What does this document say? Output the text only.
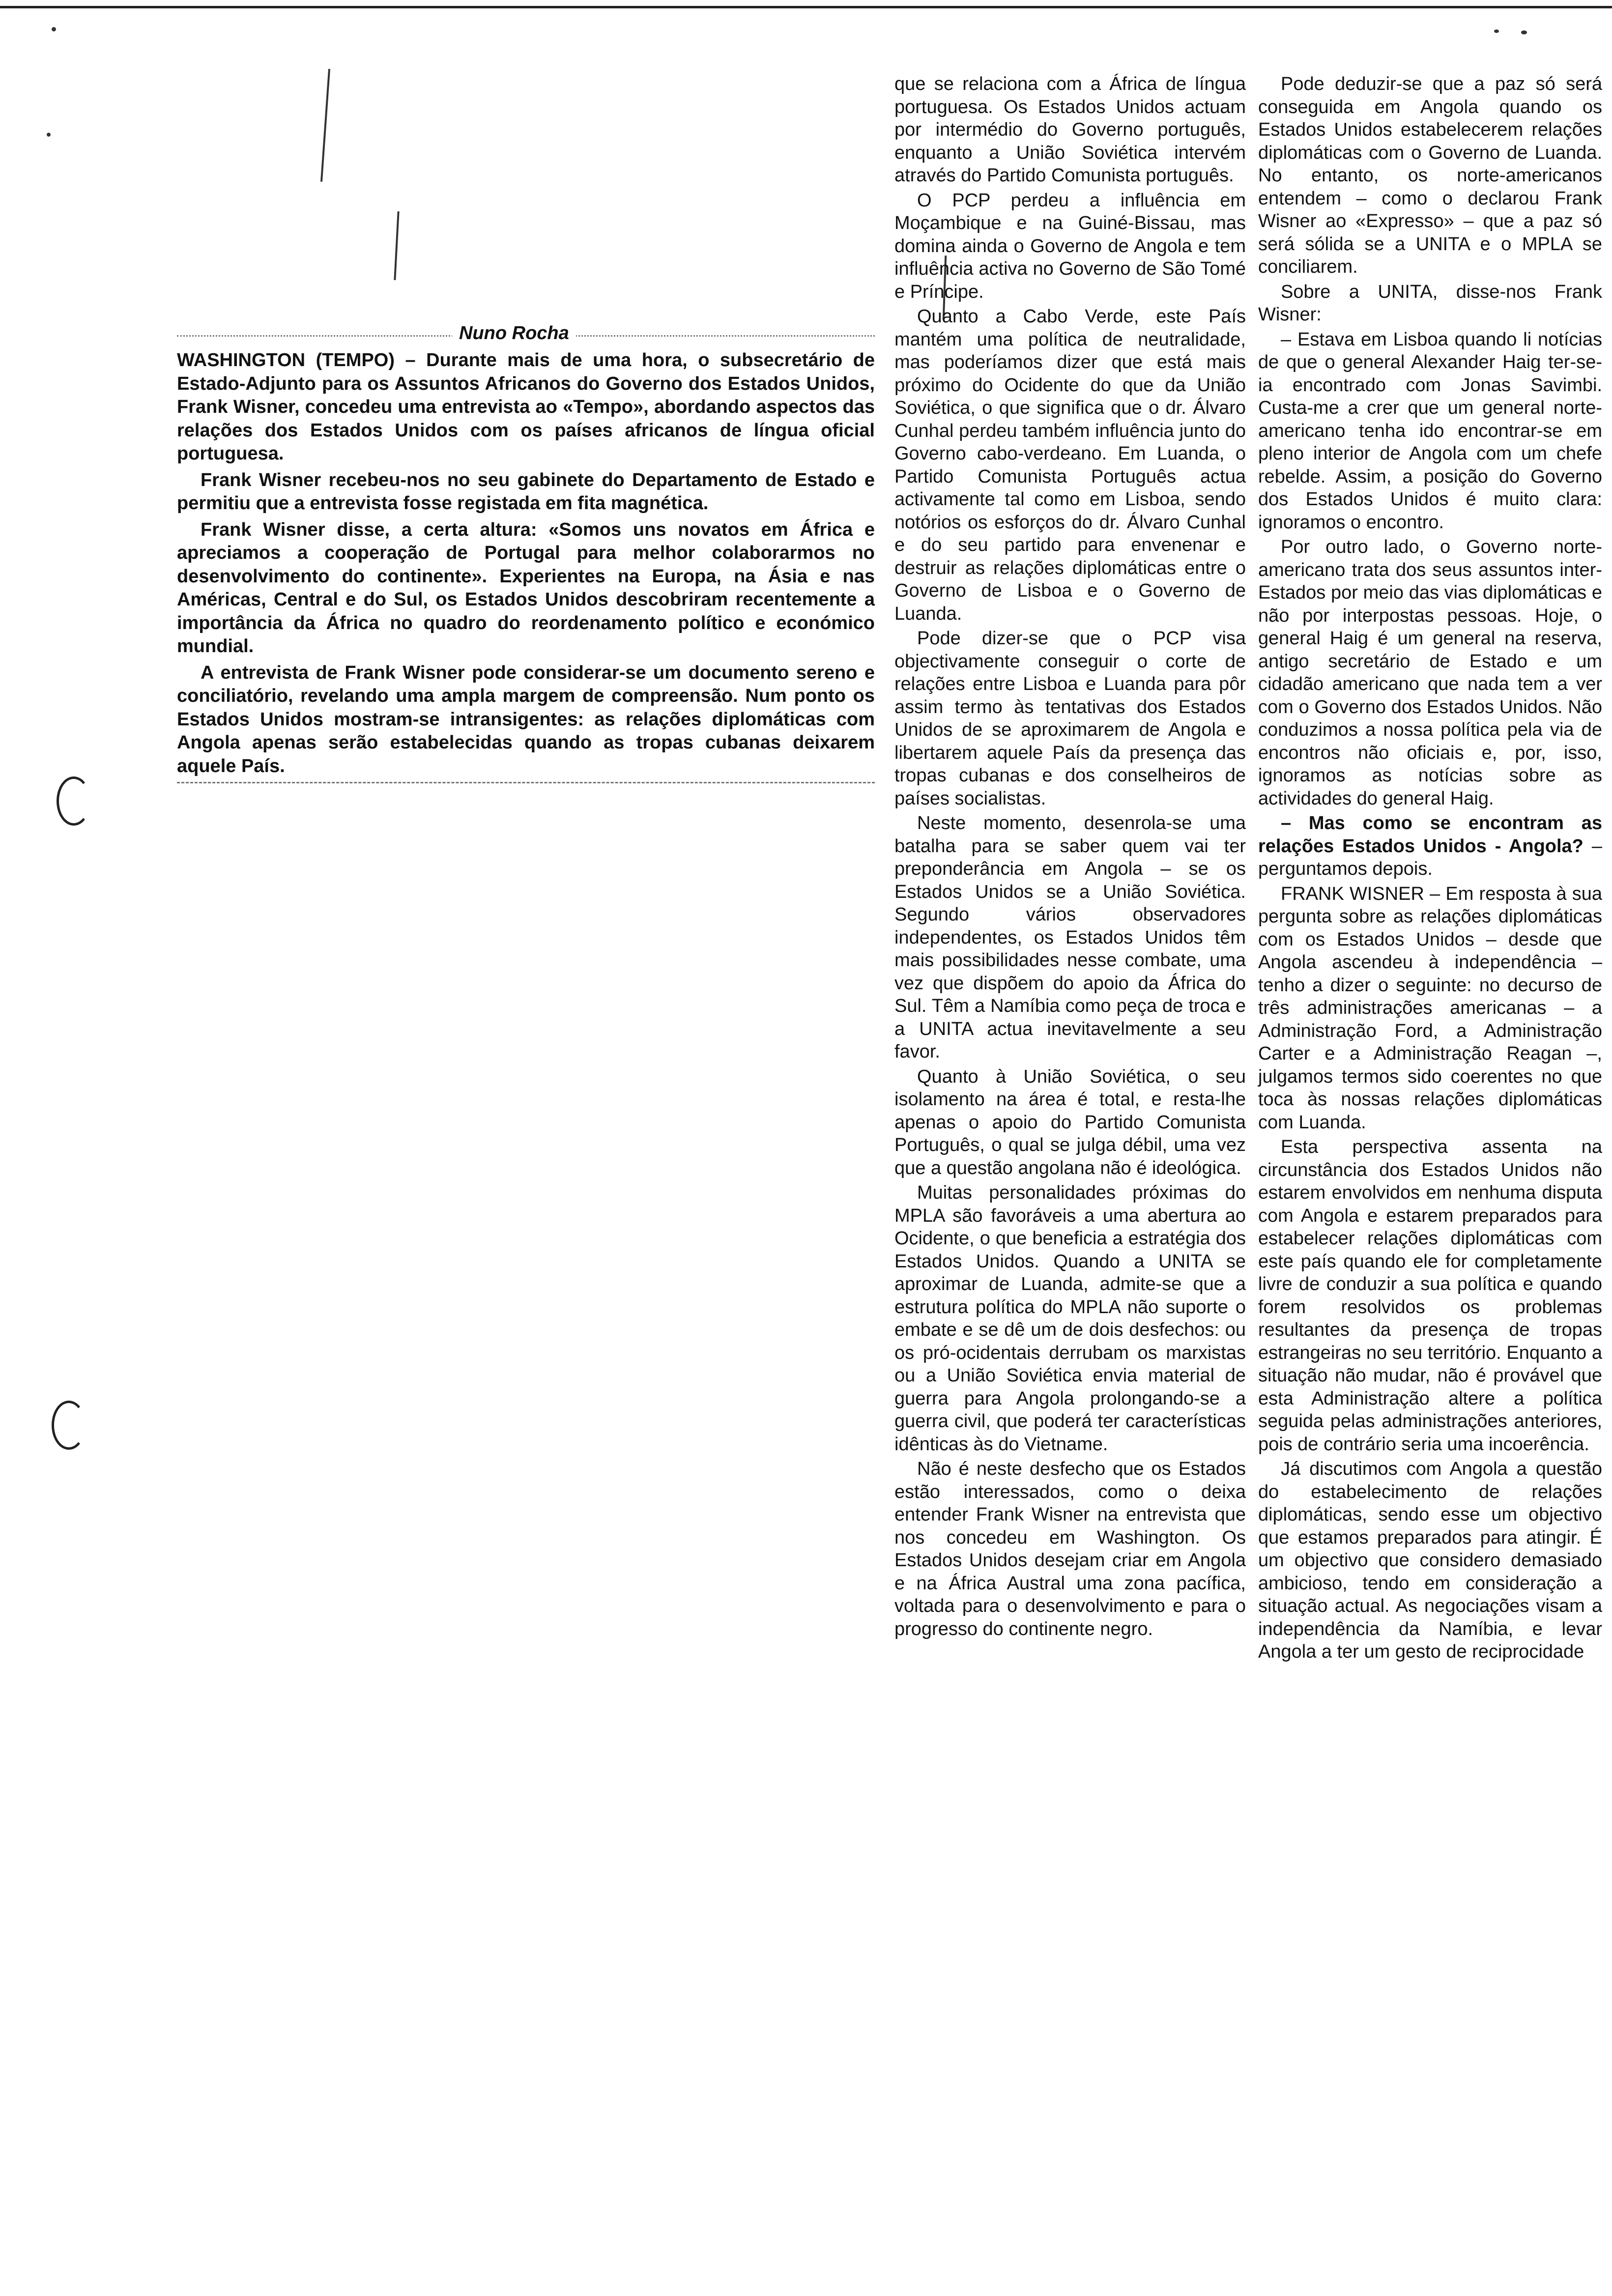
Nuno Rocha

WASHINGTON (TEMPO) – Durante mais de uma hora, o subsecretário de Estado-Adjunto para os Assuntos Africanos do Governo dos Estados Unidos, Frank Wisner, concedeu uma entrevista ao «Tempo», abordando aspectos das relações dos Estados Unidos com os países africanos de língua oficial portuguesa.

Frank Wisner recebeu-nos no seu gabinete do Departamento de Estado e permitiu que a entrevista fosse registada em fita magnética.

Frank Wisner disse, a certa altura: «Somos uns novatos em África e apreciamos a cooperação de Portugal para melhor colaborarmos no desenvolvimento do continente». Experientes na Europa, na Ásia e nas Américas, Central e do Sul, os Estados Unidos descobriram recentemente a importância da África no quadro do reordenamento político e económico mundial.

A entrevista de Frank Wisner pode considerar-se um documento sereno e conciliatório, revelando uma ampla margem de compreensão. Num ponto os Estados Unidos mostram-se intransigentes: as relações diplomáticas com Angola apenas serão estabelecidas quando as tropas cubanas deixarem aquele País.

que se relaciona com a África de língua portuguesa. Os Estados Unidos actuam por intermédio do Governo português, enquanto a União Soviética intervém através do Partido Comunista português.

O PCP perdeu a influência em Moçambique e na Guiné-Bissau, mas domina ainda o Governo de Angola e tem influência activa no Governo de São Tomé e Príncipe.

Quanto a Cabo Verde, este País mantém uma política de neutralidade, mas poderíamos dizer que está mais próximo do Ocidente do que da União Soviética, o que significa que o dr. Álvaro Cunhal perdeu também influência junto do Governo cabo-verdeano. Em Luanda, o Partido Comunista Português actua activamente tal como em Lisboa, sendo notórios os esforços do dr. Álvaro Cunhal e do seu partido para envenenar e destruir as relações diplomáticas entre o Governo de Lisboa e o Governo de Luanda.

Pode dizer-se que o PCP visa objectivamente conseguir o corte de relações entre Lisboa e Luanda para pôr assim termo às tentativas dos Estados Unidos de se aproximarem de Angola e libertarem aquele País da presença das tropas cubanas e dos conselheiros de países socialistas.

Neste momento, desenrola-se uma batalha para se saber quem vai ter preponderância em Angola – se os Estados Unidos se a União Soviética. Segundo vários observadores independentes, os Estados Unidos têm mais possibilidades nesse combate, uma vez que dispõem do apoio da África do Sul. Têm a Namíbia como peça de troca e a UNITA actua inevitavelmente a seu favor.

Quanto à União Soviética, o seu isolamento na área é total, e resta-lhe apenas o apoio do Partido Comunista Português, o qual se julga débil, uma vez que a questão angolana não é ideológica.

Muitas personalidades próximas do MPLA são favoráveis a uma abertura ao Ocidente, o que beneficia a estratégia dos Estados Unidos. Quando a UNITA se aproximar de Luanda, admite-se que a estrutura política do MPLA não suporte o embate e se dê um de dois desfechos: ou os pró-ocidentais derrubam os marxistas ou a União Soviética envia material de guerra para Angola prolongando-se a guerra civil, que poderá ter características idênticas às do Vietname.

Não é neste desfecho que os Estados estão interessados, como o deixa entender Frank Wisner na entrevista que nos concedeu em Washington. Os Estados Unidos desejam criar em Angola e na África Austral uma zona pacífica, voltada para o desenvolvimento e para o progresso do continente negro.

Pode deduzir-se que a paz só será conseguida em Angola quando os Estados Unidos estabelecerem relações diplomáticas com o Governo de Luanda. No entanto, os norte-americanos entendem – como o declarou Frank Wisner ao «Expresso» – que a paz só será sólida se a UNITA e o MPLA se conciliarem.

Sobre a UNITA, disse-nos Frank Wisner:

– Estava em Lisboa quando li notícias de que o general Alexander Haig ter-se-ia encontrado com Jonas Savimbi. Custa-me a crer que um general norte-americano tenha ido encontrar-se em pleno interior de Angola com um chefe rebelde. Assim, a posição do Governo dos Estados Unidos é muito clara: ignoramos o encontro.

Por outro lado, o Governo norte-americano trata dos seus assuntos inter-Estados por meio das vias diplomáticas e não por interpostas pessoas. Hoje, o general Haig é um general na reserva, antigo secretário de Estado e um cidadão americano que nada tem a ver com o Governo dos Estados Unidos. Não conduzimos a nossa política pela via de encontros não oficiais e, por, isso, ignoramos as notícias sobre as actividades do general Haig.

– Mas como se encontram as relações Estados Unidos - Angola? – perguntamos depois.

FRANK WISNER – Em resposta à sua pergunta sobre as relações diplomáticas com os Estados Unidos – desde que Angola ascendeu à independência – tenho a dizer o seguinte: no decurso de três administrações americanas – a Administração Ford, a Administração Carter e a Administração Reagan –, julgamos termos sido coerentes no que toca às nossas relações diplomáticas com Luanda.

Esta perspectiva assenta na circunstância dos Estados Unidos não estarem envolvidos em nenhuma disputa com Angola e estarem preparados para estabelecer relações diplomáticas com este país quando ele for completamente livre de conduzir a sua política e quando forem resolvidos os problemas resultantes da presença de tropas estrangeiras no seu território. Enquanto a situação não mudar, não é provável que esta Administração altere a política seguida pelas administrações anteriores, pois de contrário seria uma incoerência.

Já discutimos com Angola a questão do estabelecimento de relações diplomáticas, sendo esse um objectivo que estamos preparados para atingir. É um objectivo que considero demasiado ambicioso, tendo em consideração a situação actual. As negociações visam a independência da Namíbia, e levar Angola a ter um gesto de reciprocidade
